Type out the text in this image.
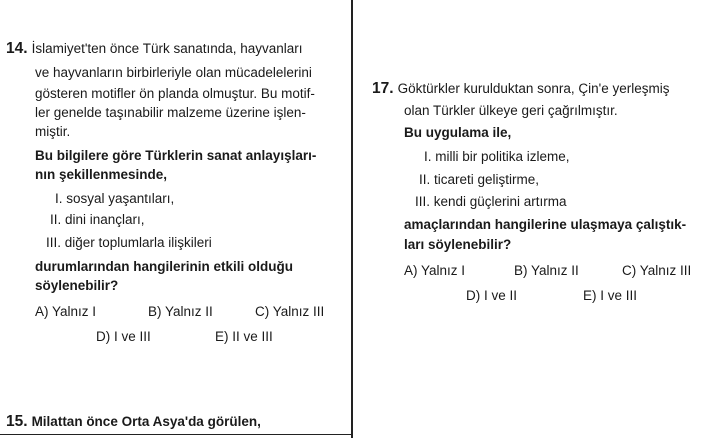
14. İslamiyet'ten önce Türk sanatında, hayvanları
ve hayvanların birbirleriyle olan mücadelelerini
gösteren motifler ön planda olmuştur. Bu motif-
ler genelde taşınabilir malzeme üzerine işlen-
miştir.
Bu bilgilere göre Türklerin sanat anlayışları-
nın şekillenmesinde,
I. sosyal yaşantıları,
II. dini inançları,
III. diğer toplumlarla ilişkileri
durumlarından hangilerinin etkili olduğu
söylenebilir?
A) Yalnız I	B) Yalnız II	C) Yalnız III
D) I ve III	E) II ve III
15. Milattan önce Orta Asya'da görülen,
17. Göktürkler kurulduktan sonra, Çin'e yerleşmiş
olan Türkler ülkeye geri çağrılmıştır.
Bu uygulama ile,
I. milli bir politika izleme,
II. ticareti geliştirme,
III. kendi güçlerini artırma
amaçlarından hangilerine ulaşmaya çalıştık-
ları söylenebilir?
A) Yalnız I	B) Yalnız II	C) Yalnız III
D) I ve II	E) I ve III
